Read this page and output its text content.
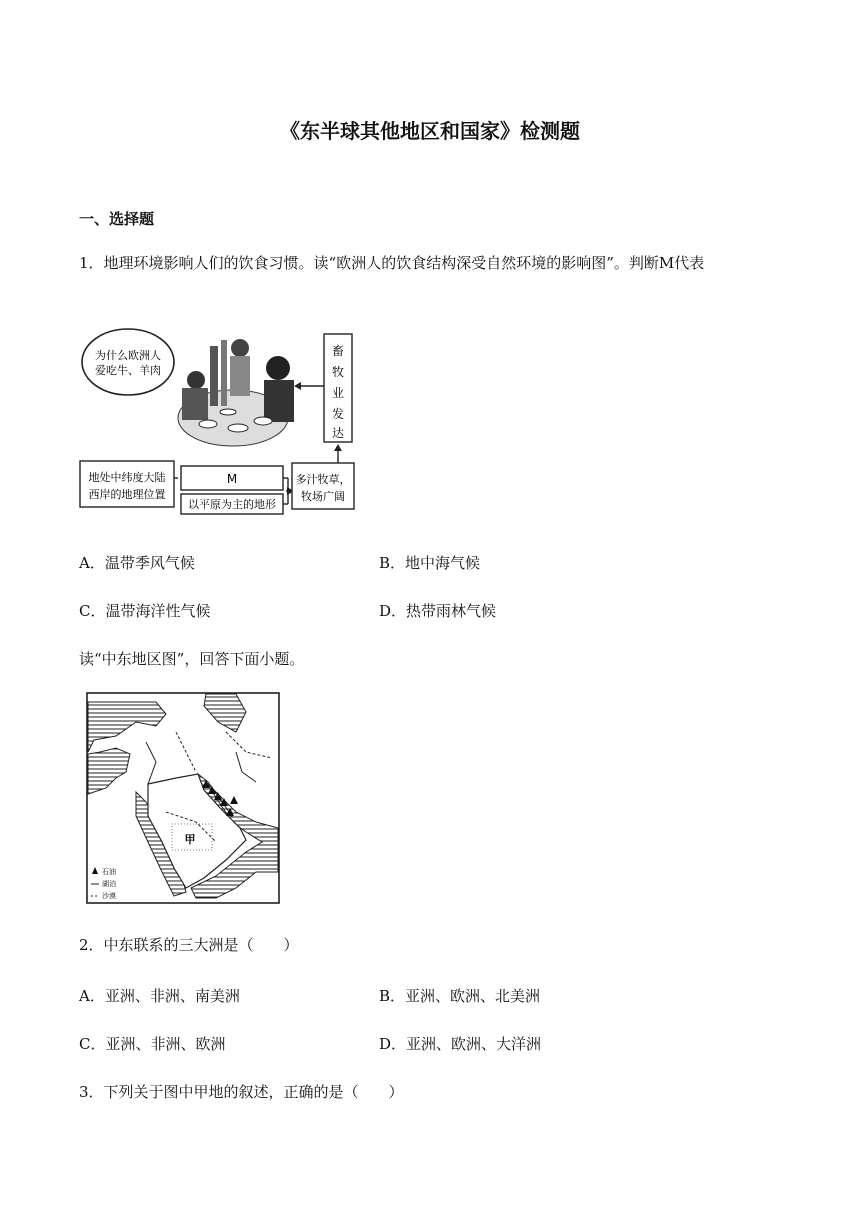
《东半球其他地区和国家》检测题
一、选择题
1．地理环境影响人们的饮食习惯。读“欧洲人的饮食结构深受自然环境的影响图”。判断M代表
为什么欧洲人
爱吃牛、羊肉
畜
牧
业
发
达
地处中纬度大陆
西岸的地理位置
M
以平原为主的地形
多汁牧草，
牧场广阔
A．温带季风气候	B．地中海气候
C．温带海洋性气候	D．热带雨林气候
读“中东地区图”，回答下面小题。
甲
石油
湖泊
沙漠
2．中东联系的三大洲是（　　）
A．亚洲、非洲、南美洲	B．亚洲、欧洲、北美洲
C．亚洲、非洲、欧洲	D．亚洲、欧洲、大洋洲
3．下列关于图中甲地的叙述，正确的是（　　）
